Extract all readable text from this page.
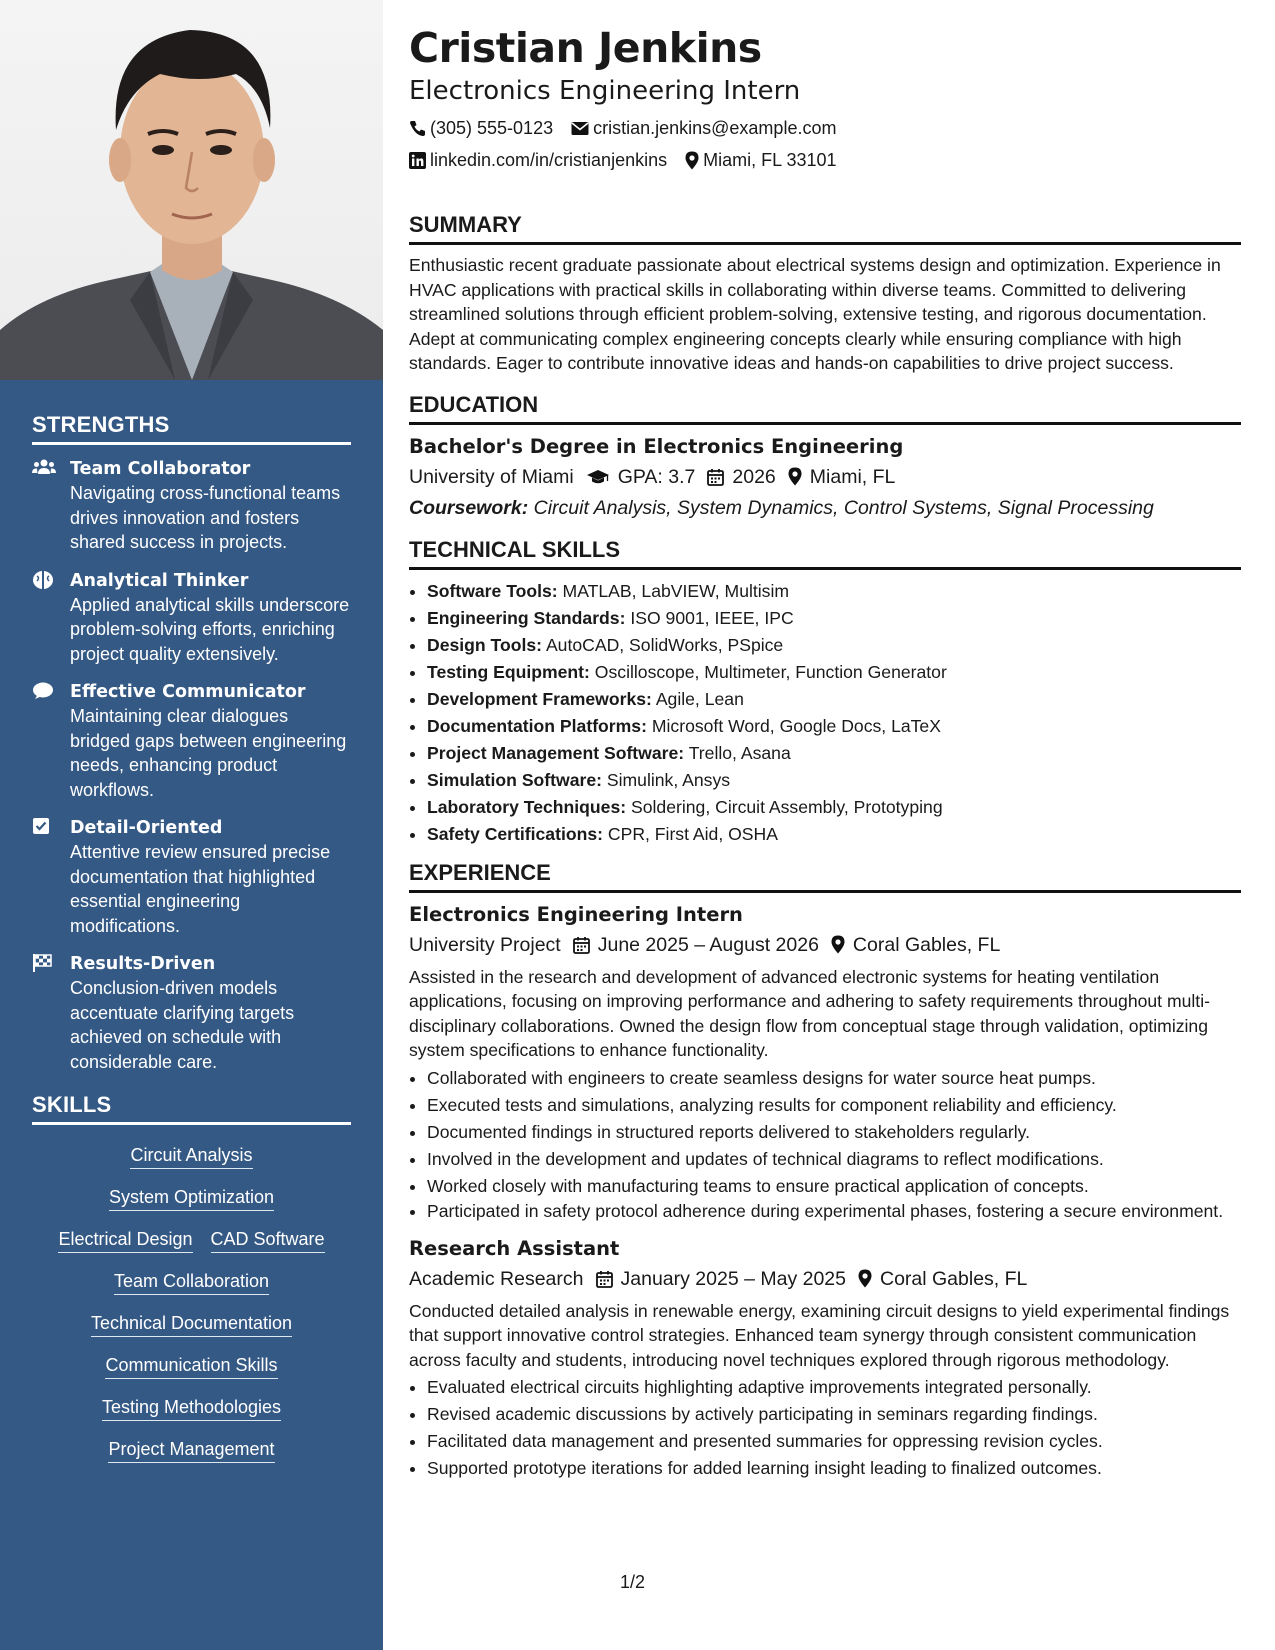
STRENGTHS
Team Collaborator
Navigating cross-functional teams drives innovation and fosters shared success in projects.
Analytical Thinker
Applied analytical skills underscore problem-solving efforts, enriching project quality extensively.
Effective Communicator
Maintaining clear dialogues bridged gaps between engineering needs, enhancing product workflows.
Detail-Oriented
Attentive review ensured precise documentation that highlighted essential engineering modifications.
Results-Driven
Conclusion-driven models accentuate clarifying targets achieved on schedule with considerable care.
SKILLS
Circuit Analysis
System Optimization
Electrical Design CAD Software
Team Collaboration
Technical Documentation
Communication Skills
Testing Methodologies
Project Management
Cristian Jenkins
Electronics Engineering Intern
(305) 555-0123 cristian.jenkins@example.com
linkedin.com/in/cristianjenkins Miami, FL 33101
SUMMARY

Enthusiastic recent graduate passionate about electrical systems design and optimization. Experience in HVAC applications with practical skills in collaborating within diverse teams. Committed to delivering streamlined solutions through efficient problem-solving, extensive testing, and rigorous documentation. Adept at communicating complex engineering concepts clearly while ensuring compliance with high standards. Eager to contribute innovative ideas and hands-on capabilities to drive project success.

EDUCATION
Bachelor's Degree in Electronics Engineering
University of Miami GPA: 3.7 2026 Miami, FL
Coursework: Circuit Analysis, System Dynamics, Control Systems, Signal Processing
TECHNICAL SKILLS
• Software Tools: MATLAB, LabVIEW, Multisim
• Engineering Standards: ISO 9001, IEEE, IPC
• Design Tools: AutoCAD, SolidWorks, PSpice
• Testing Equipment: Oscilloscope, Multimeter, Function Generator
• Development Frameworks: Agile, Lean
• Documentation Platforms: Microsoft Word, Google Docs, LaTeX
• Project Management Software: Trello, Asana
• Simulation Software: Simulink, Ansys
• Laboratory Techniques: Soldering, Circuit Assembly, Prototyping
• Safety Certifications: CPR, First Aid, OSHA
EXPERIENCE
Electronics Engineering Intern
University Project June 2025 – August 2026 Coral Gables, FL

Assisted in the research and development of advanced electronic systems for heating ventilation applications, focusing on improving performance and adhering to safety requirements throughout multi-disciplinary collaborations. Owned the design flow from conceptual stage through validation, optimizing system specifications to enhance functionality.

• Collaborated with engineers to create seamless designs for water source heat pumps.
• Executed tests and simulations, analyzing results for component reliability and efficiency.
• Documented findings in structured reports delivered to stakeholders regularly.
• Involved in the development and updates of technical diagrams to reflect modifications.
• Worked closely with manufacturing teams to ensure practical application of concepts.
• Participated in safety protocol adherence during experimental phases, fostering a secure environment.
Research Assistant
Academic Research January 2025 – May 2025 Coral Gables, FL

Conducted detailed analysis in renewable energy, examining circuit designs to yield experimental findings that support innovative control strategies. Enhanced team synergy through consistent communication across faculty and students, introducing novel techniques explored through rigorous methodology.

• Evaluated electrical circuits highlighting adaptive improvements integrated personally.
• Revised academic discussions by actively participating in seminars regarding findings.
• Facilitated data management and presented summaries for oppressing revision cycles.
• Supported prototype iterations for added learning insight leading to finalized outcomes.
1/2
